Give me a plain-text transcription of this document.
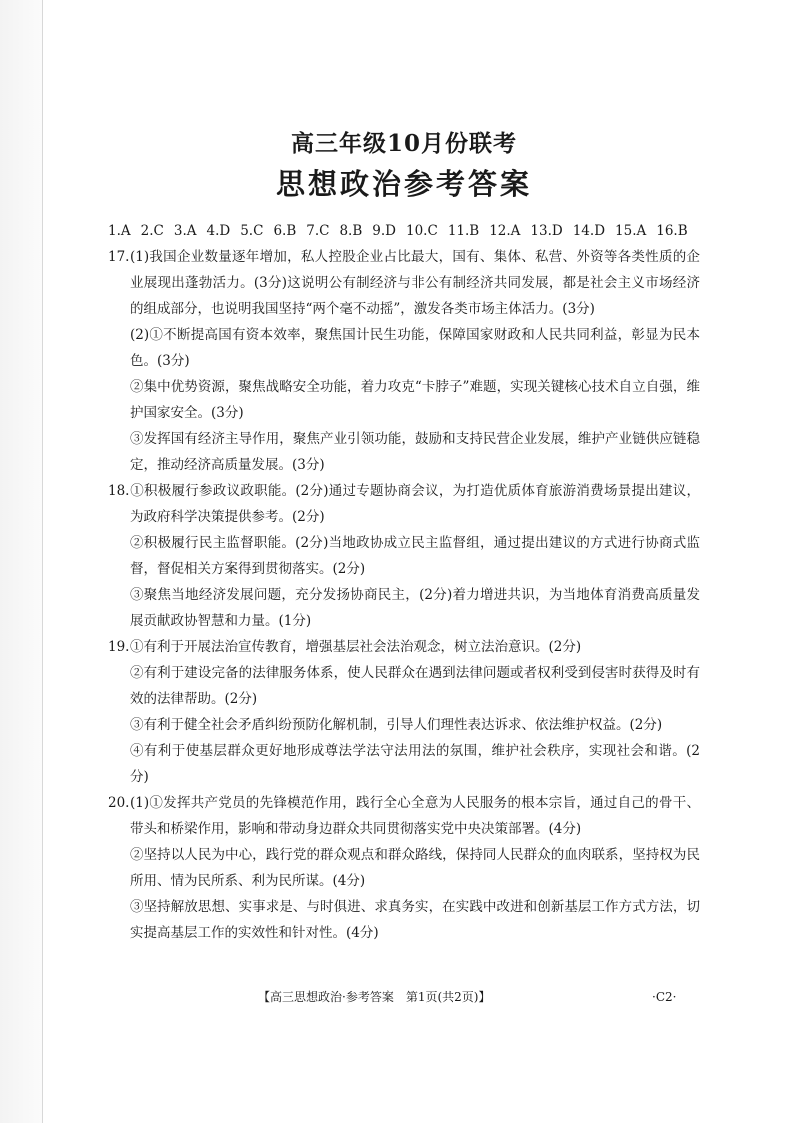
高三年级10月份联考
思想政治参考答案
1.A 2.C 3.A 4.D 5.C 6.B 7.C 8.B 9.D 10.C 11.B 12.A 13.D 14.D 15.A 16.B

17.(1)我国企业数量逐年增加，私人控股企业占比最大，国有、集体、私营、外资等各类性质的企业展现出蓬勃活力。(3分)这说明公有制经济与非公有制经济共同发展，都是社会主义市场经济的组成部分，也说明我国坚持“两个毫不动摇”，激发各类市场主体活力。(3分)

(2)①不断提高国有资本效率，聚焦国计民生功能，保障国家财政和人民共同利益，彰显为民本色。(3分)

②集中优势资源，聚焦战略安全功能，着力攻克“卡脖子”难题，实现关键核心技术自立自强，维护国家安全。(3分)

③发挥国有经济主导作用，聚焦产业引领功能，鼓励和支持民营企业发展，维护产业链供应链稳定，推动经济高质量发展。(3分)

18.①积极履行参政议政职能。(2分)通过专题协商会议，为打造优质体育旅游消费场景提出建议，为政府科学决策提供参考。(2分)

②积极履行民主监督职能。(2分)当地政协成立民主监督组，通过提出建议的方式进行协商式监督，督促相关方案得到贯彻落实。(2分)

③聚焦当地经济发展问题，充分发扬协商民主，(2分)着力增进共识，为当地体育消费高质量发展贡献政协智慧和力量。(1分)

19.①有利于开展法治宣传教育，增强基层社会法治观念，树立法治意识。(2分)

②有利于建设完备的法律服务体系，使人民群众在遇到法律问题或者权利受到侵害时获得及时有效的法律帮助。(2分)

③有利于健全社会矛盾纠纷预防化解机制，引导人们理性表达诉求、依法维护权益。(2分)

④有利于使基层群众更好地形成尊法学法守法用法的氛围，维护社会秩序，实现社会和谐。(2分)

20.(1)①发挥共产党员的先锋模范作用，践行全心全意为人民服务的根本宗旨，通过自己的骨干、带头和桥梁作用，影响和带动身边群众共同贯彻落实党中央决策部署。(4分)

②坚持以人民为中心，践行党的群众观点和群众路线，保持同人民群众的血肉联系，坚持权为民所用、情为民所系、利为民所谋。(4分)

③坚持解放思想、实事求是、与时俱进、求真务实，在实践中改进和创新基层工作方式方法，切实提高基层工作的实效性和针对性。(4分)

【高三思想政治·参考答案　第1页(共2页)】	·C2·
